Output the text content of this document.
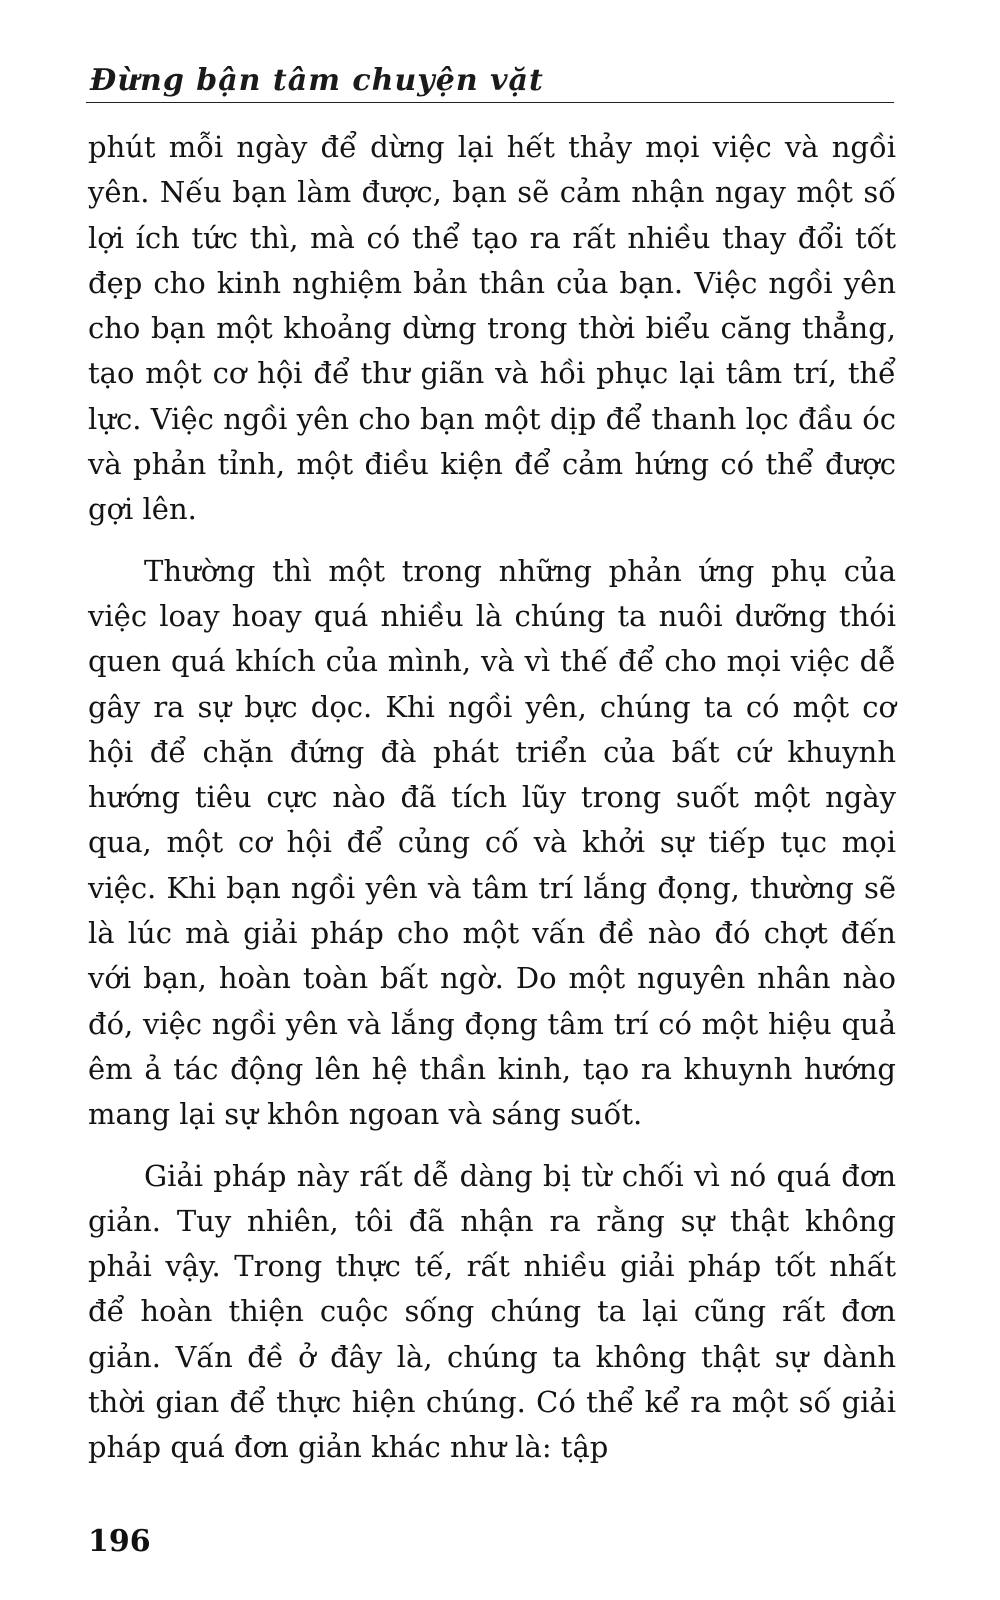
Đừng bận tâm chuyện vặt

phút mỗi ngày để dừng lại hết thảy mọi việc và ngồi yên. Nếu bạn làm được, bạn sẽ cảm nhận ngay một số lợi ích tức thì, mà có thể tạo ra rất nhiều thay đổi tốt đẹp cho kinh nghiệm bản thân của bạn. Việc ngồi yên cho bạn một khoảng dừng trong thời biểu căng thẳng, tạo một cơ hội để thư giãn và hồi phục lại tâm trí, thể lực. Việc ngồi yên cho bạn một dịp để thanh lọc đầu óc và phản tỉnh, một điều kiện để cảm hứng có thể được gợi lên.

Thường thì một trong những phản ứng phụ của việc loay hoay quá nhiều là chúng ta nuôi dưỡng thói quen quá khích của mình, và vì thế để cho mọi việc dễ gây ra sự bực dọc. Khi ngồi yên, chúng ta có một cơ hội để chặn đứng đà phát triển của bất cứ khuynh hướng tiêu cực nào đã tích lũy trong suốt một ngày qua, một cơ hội để củng cố và khởi sự tiếp tục mọi việc. Khi bạn ngồi yên và tâm trí lắng đọng, thường sẽ là lúc mà giải pháp cho một vấn đề nào đó chợt đến với bạn, hoàn toàn bất ngờ. Do một nguyên nhân nào đó, việc ngồi yên và lắng đọng tâm trí có một hiệu quả êm ả tác động lên hệ thần kinh, tạo ra khuynh hướng mang lại sự khôn ngoan và sáng suốt.

Giải pháp này rất dễ dàng bị từ chối vì nó quá đơn giản. Tuy nhiên, tôi đã nhận ra rằng sự thật không phải vậy. Trong thực tế, rất nhiều giải pháp tốt nhất để hoàn thiện cuộc sống chúng ta lại cũng rất đơn giản. Vấn đề ở đây là, chúng ta không thật sự dành thời gian để thực hiện chúng. Có thể kể ra một số giải pháp quá đơn giản khác như là: tập

196
